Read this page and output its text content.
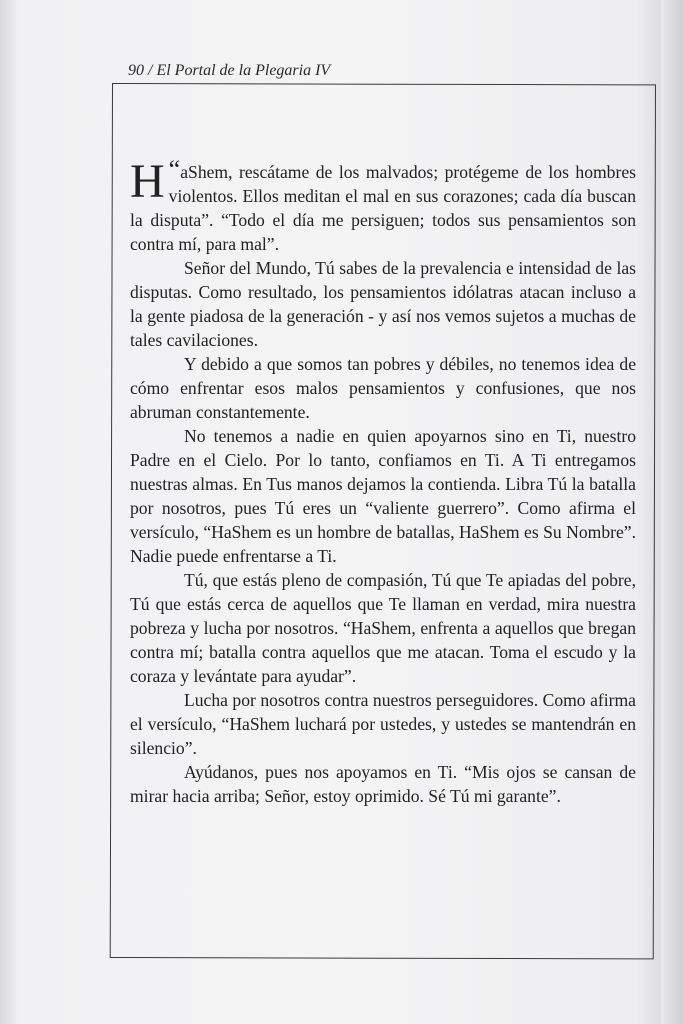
90 / El Portal de la Plegaria IV

“
H aShem, rescátame de los malvados; protégeme de los hombres violentos. Ellos meditan el mal en sus corazones; cada día buscan la disputa”. “Todo el día me persiguen; todos sus pensamientos son contra mí, para mal”.

Señor del Mundo, Tú sabes de la prevalencia e intensidad de las disputas. Como resultado, los pensamientos idólatras atacan incluso a la gente piadosa de la generación - y así nos vemos sujetos a muchas de tales cavilaciones.

Y debido a que somos tan pobres y débiles, no tenemos idea de cómo enfrentar esos malos pensamientos y confusiones, que nos abruman constantemente.

No tenemos a nadie en quien apoyarnos sino en Ti, nuestro Padre en el Cielo. Por lo tanto, confiamos en Ti. A Ti entregamos nuestras almas. En Tus manos dejamos la contienda. Libra Tú la batalla por nosotros, pues Tú eres un “valiente guerrero”. Como afirma el versículo, “HaShem es un hombre de batallas, HaShem es Su Nombre”. Nadie puede enfrentarse a Ti.

Tú, que estás pleno de compasión, Tú que Te apiadas del pobre, Tú que estás cerca de aquellos que Te llaman en verdad, mira nuestra pobreza y lucha por nosotros. “HaShem, enfrenta a aquellos que bregan contra mí; batalla contra aquellos que me atacan. Toma el escudo y la coraza y levántate para ayudar”.

Lucha por nosotros contra nuestros perseguidores. Como afirma el versículo, “HaShem luchará por ustedes, y ustedes se mantendrán en silencio”.

Ayúdanos, pues nos apoyamos en Ti. “Mis ojos se cansan de mirar hacia arriba; Señor, estoy oprimido. Sé Tú mi garante”.
